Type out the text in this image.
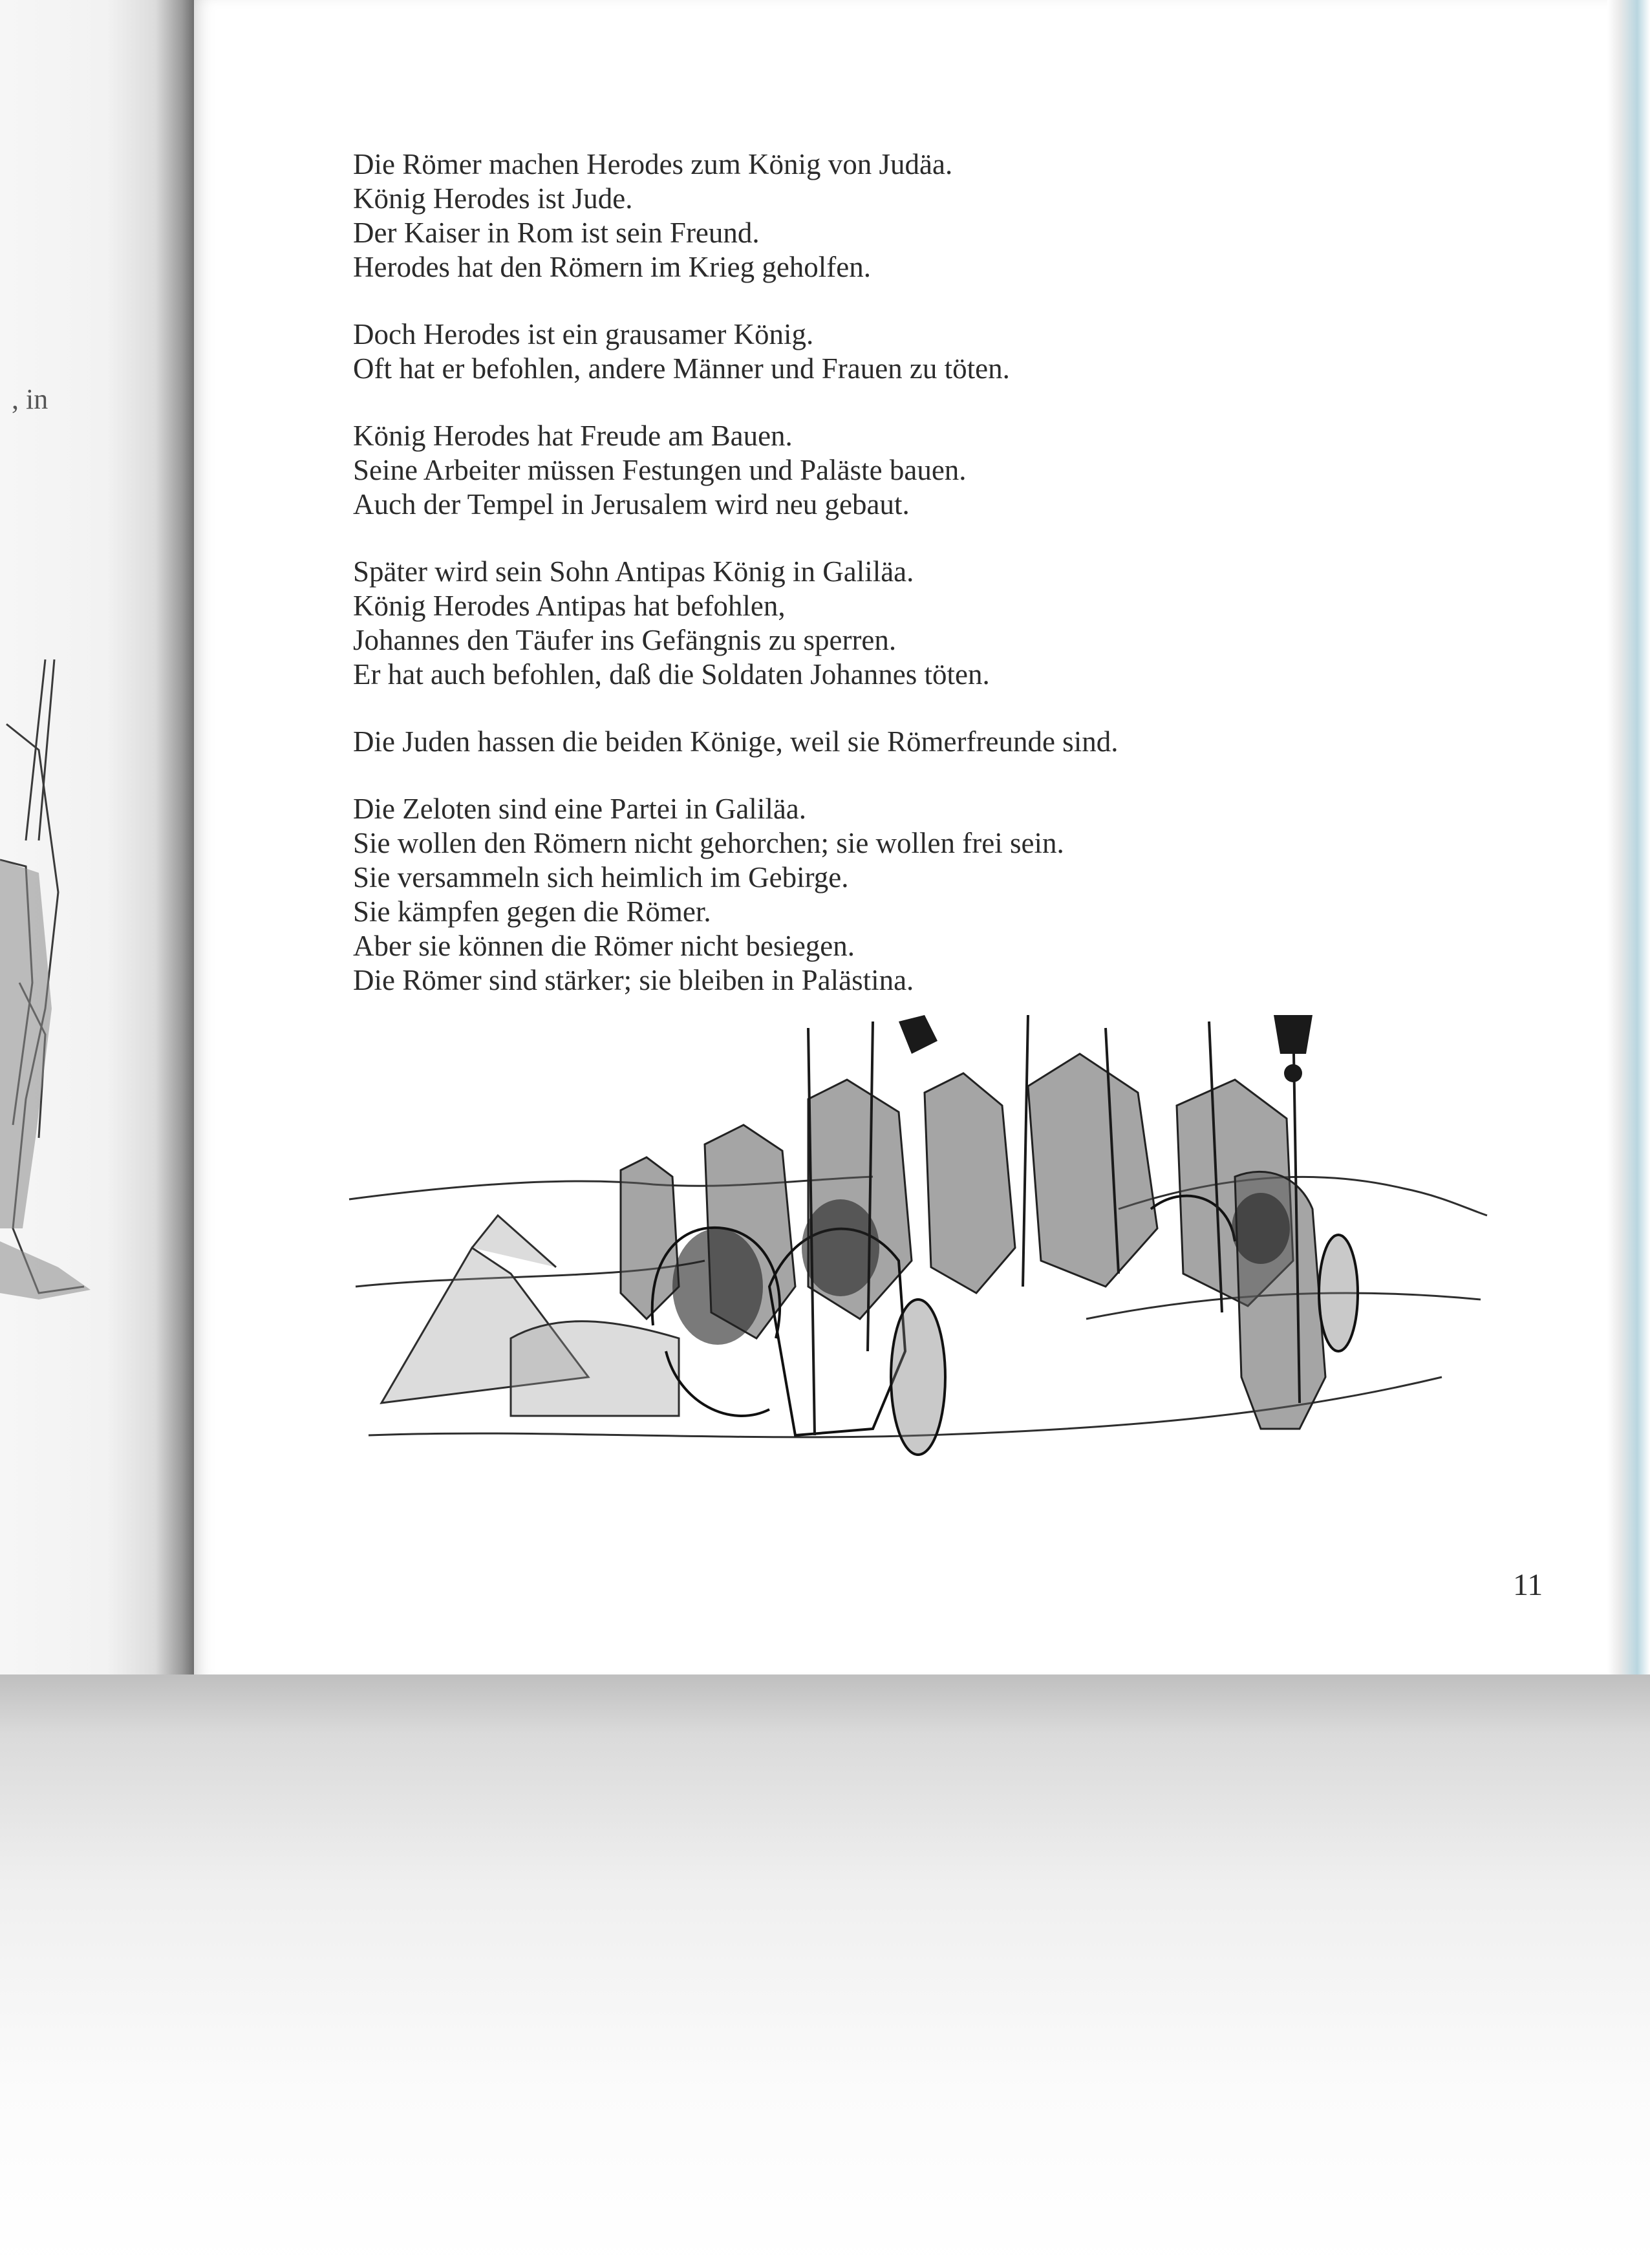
, in

Die Römer machen Herodes zum König von Judäa.
König Herodes ist Jude.
Der Kaiser in Rom ist sein Freund.
Herodes hat den Römern im Krieg geholfen.

Doch Herodes ist ein grausamer König.
Oft hat er befohlen, andere Männer und Frauen zu töten.

König Herodes hat Freude am Bauen.
Seine Arbeiter müssen Festungen und Paläste bauen.
Auch der Tempel in Jerusalem wird neu gebaut.

Später wird sein Sohn Antipas König in Galiläa.
König Herodes Antipas hat befohlen,
Johannes den Täufer ins Gefängnis zu sperren.
Er hat auch befohlen, daß die Soldaten Johannes töten.

Die Juden hassen die beiden Könige, weil sie Römerfreunde sind.

Die Zeloten sind eine Partei in Galiläa.
Sie wollen den Römern nicht gehorchen; sie wollen frei sein.
Sie versammeln sich heimlich im Gebirge.
Sie kämpfen gegen die Römer.
Aber sie können die Römer nicht besiegen.
Die Römer sind stärker; sie bleiben in Palästina.

11
